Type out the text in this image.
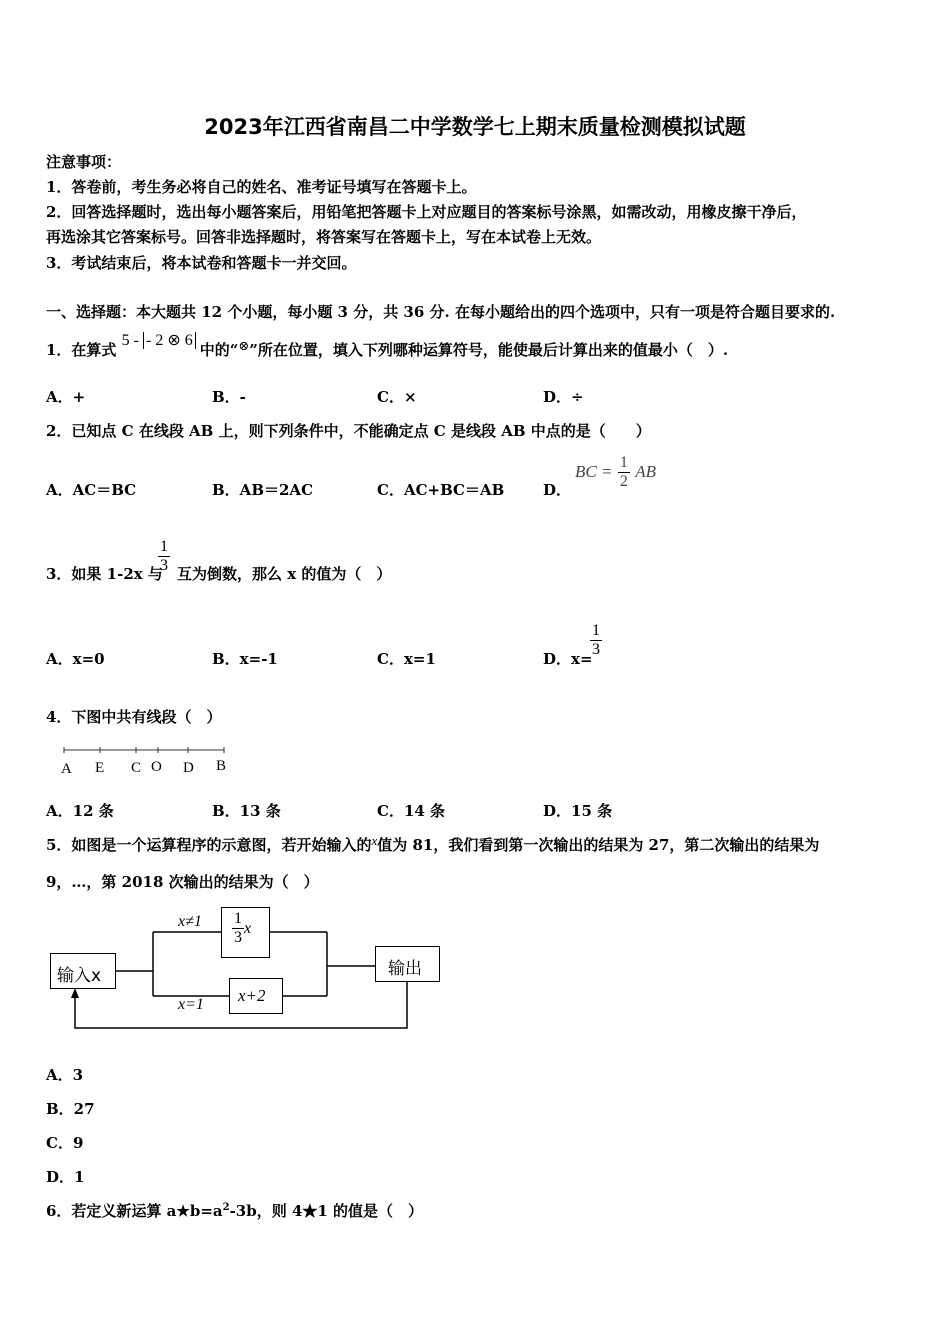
2023年江西省南昌二中学数学七上期末质量检测模拟试题
注意事项：
1．答卷前，考生务必将自己的姓名、准考证号填写在答题卡上。
2．回答选择题时，选出每小题答案后，用铅笔把答题卡上对应题目的答案标号涂黑，如需改动，用橡皮擦干净后，
再选涂其它答案标号。回答非选择题时，将答案写在答题卡上，写在本试卷上无效。
3．考试结束后，将本试卷和答题卡一并交回。
一、选择题：本大题共 12 个小题，每小题 3 分，共 36 分. 在每小题给出的四个选项中，只有一项是符合题目要求的.
1．在算式 5 - - 2 ⊗ 6 中的“⊗”所在位置，填入下列哪种运算符号，能使最后计算出来的值最小（　）.
A．+	B．-	C．×	D．÷
2．已知点 C 在线段 AB 上，则下列条件中，不能确定点 C 是线段 AB 中点的是（　　）
A．AC＝BC	B．AB＝2AC	C．AC+BC＝AB	D．
BC = $\frac{1}{2}$ AB
3．如果 1-2x 与
$\frac{1}{3}$ 互为倒数，那么 x 的值为（　）
A．x=0	B．x=-1	C．x=1	D．x=
$\frac{1}{3}$
4．下图中共有线段（　）
A E C O D B
A．12 条	B．13 条	C．14 条	D．15 条
5．如图是一个运算程序的示意图，若开始输入的x值为 81，我们看到第一次输出的结果为 27，第二次输出的结果为
9，…，第 2018 次输出的结果为（　）
输入x
$\frac{1}{3}$ x
x+2
输出
x≠1
x=1
A．3
B．27
C．9
D．1
6．若定义新运算 $a★b=a^2-3b$，则 4★1 的值是（　）
